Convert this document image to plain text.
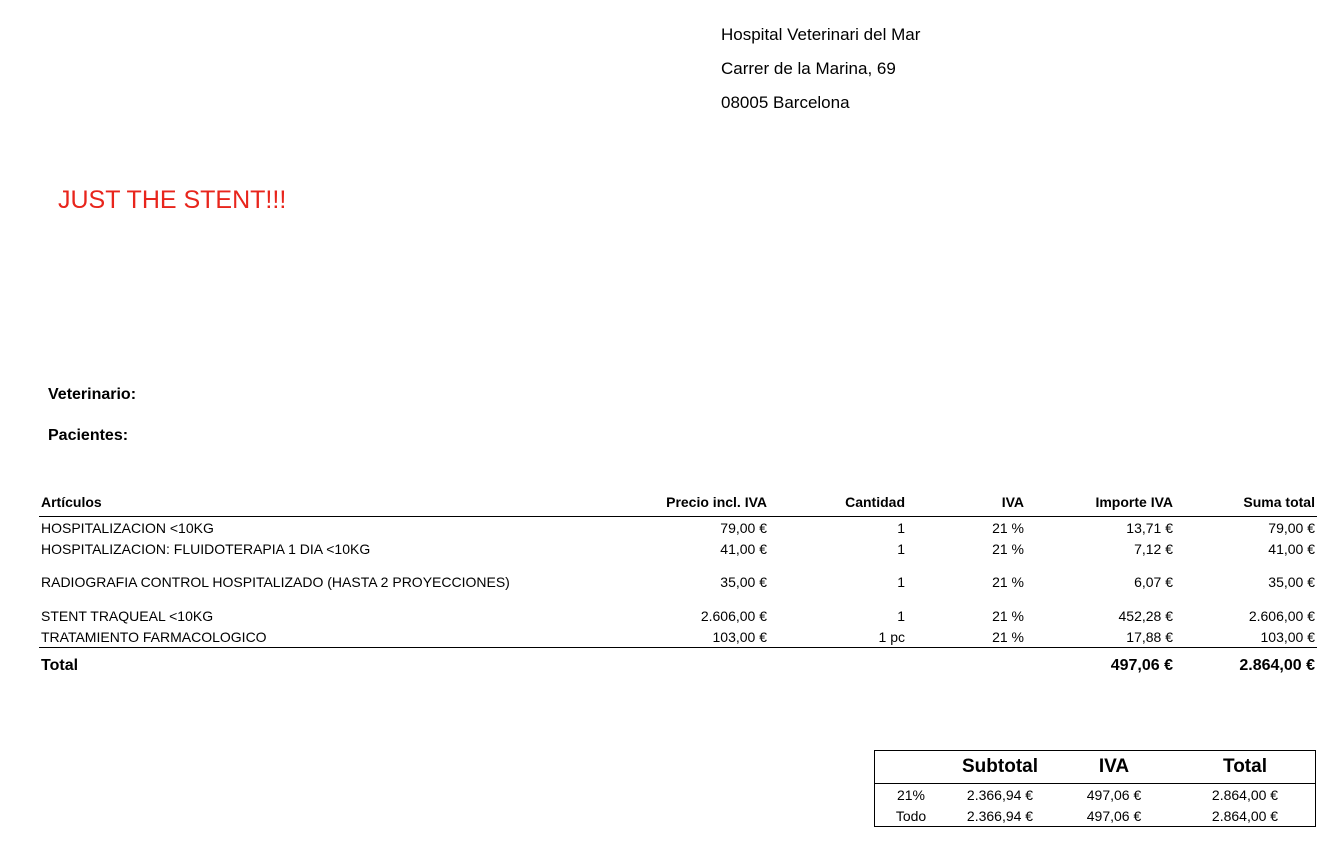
Hospital Veterinari del Mar
Carrer de la Marina, 69
08005 Barcelona
JUST THE STENT!!!
Veterinario:
Pacientes:
Artículos	Precio incl. IVA	Cantidad	IVA	Importe IVA	Suma total
HOSPITALIZACION <10KG	79,00 €	1	21 %	13,71 €	79,00 €
HOSPITALIZACION: FLUIDOTERAPIA 1 DIA <10KG	41,00 €	1	21 %	7,12 €	41,00 €
RADIOGRAFIA CONTROL HOSPITALIZADO (HASTA 2 PROYECCIONES)	35,00 €	1	21 %	6,07 €	35,00 €
STENT TRAQUEAL <10KG	2.606,00 €	1	21 %	452,28 €	2.606,00 €
TRATAMIENTO FARMACOLOGICO	103,00 €	1 pc	21 %	17,88 €	103,00 €
Total				497,06 €	2.864,00 €
	Subtotal	IVA	Total
21%	2.366,94 €	497,06 €	2.864,00 €
Todo	2.366,94 €	497,06 €	2.864,00 €
